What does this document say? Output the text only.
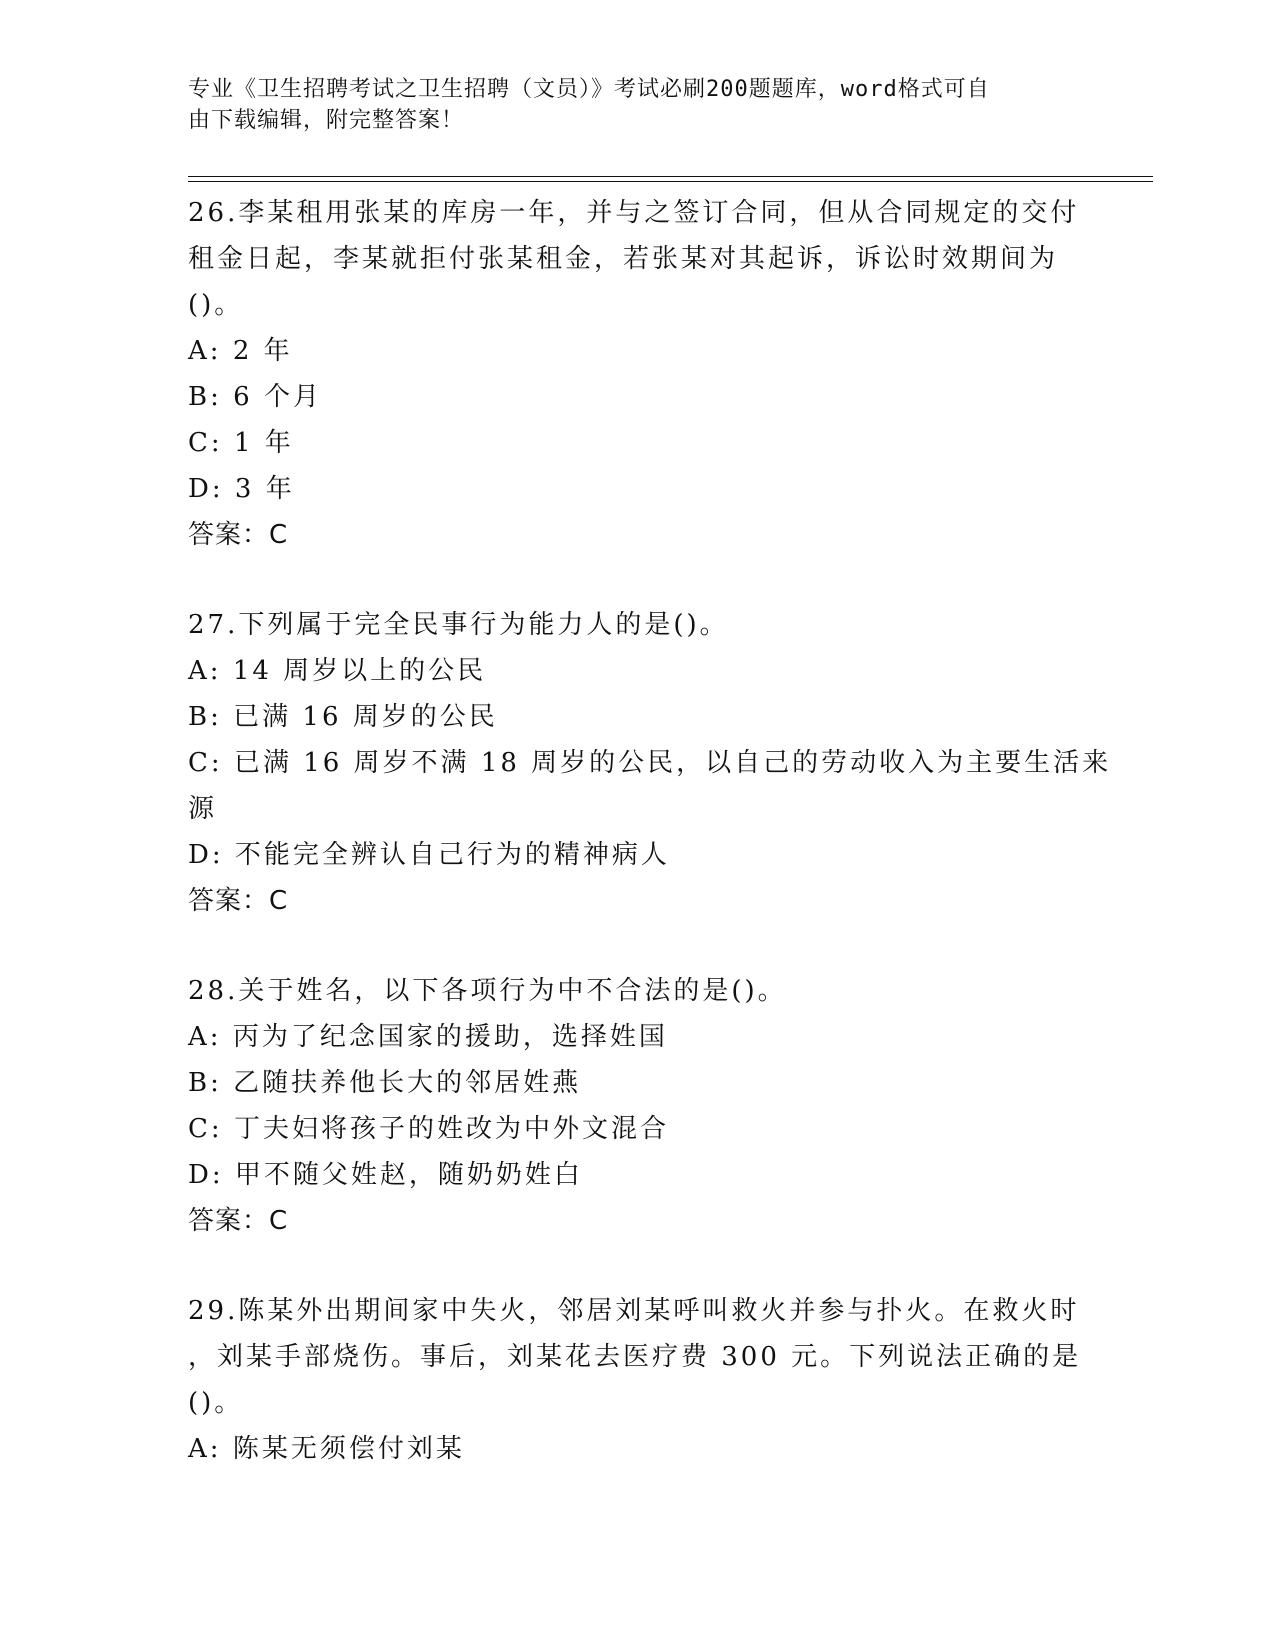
专业《卫生招聘考试之卫生招聘（文员）》考试必刷200题题库，word格式可自
由下载编辑，附完整答案！

26.李某租用张某的库房一年，并与之签订合同，但从合同规定的交付

租金日起，李某就拒付张某租金，若张某对其起诉，诉讼时效期间为

()。

A: 2 年

B: 6 个月

C: 1 年

D: 3 年

答案：C

27.下列属于完全民事行为能力人的是()。

A: 14 周岁以上的公民

B: 已满 16 周岁的公民

C: 已满 16 周岁不满 18 周岁的公民，以自己的劳动收入为主要生活来

源

D: 不能完全辨认自己行为的精神病人

答案：C

28.关于姓名，以下各项行为中不合法的是()。

A: 丙为了纪念国家的援助，选择姓国

B: 乙随扶养他长大的邻居姓燕

C: 丁夫妇将孩子的姓改为中外文混合

D: 甲不随父姓赵，随奶奶姓白

答案：C

29.陈某外出期间家中失火，邻居刘某呼叫救火并参与扑火。在救火时

，刘某手部烧伤。事后，刘某花去医疗费 300 元。下列说法正确的是

()。

A: 陈某无须偿付刘某
